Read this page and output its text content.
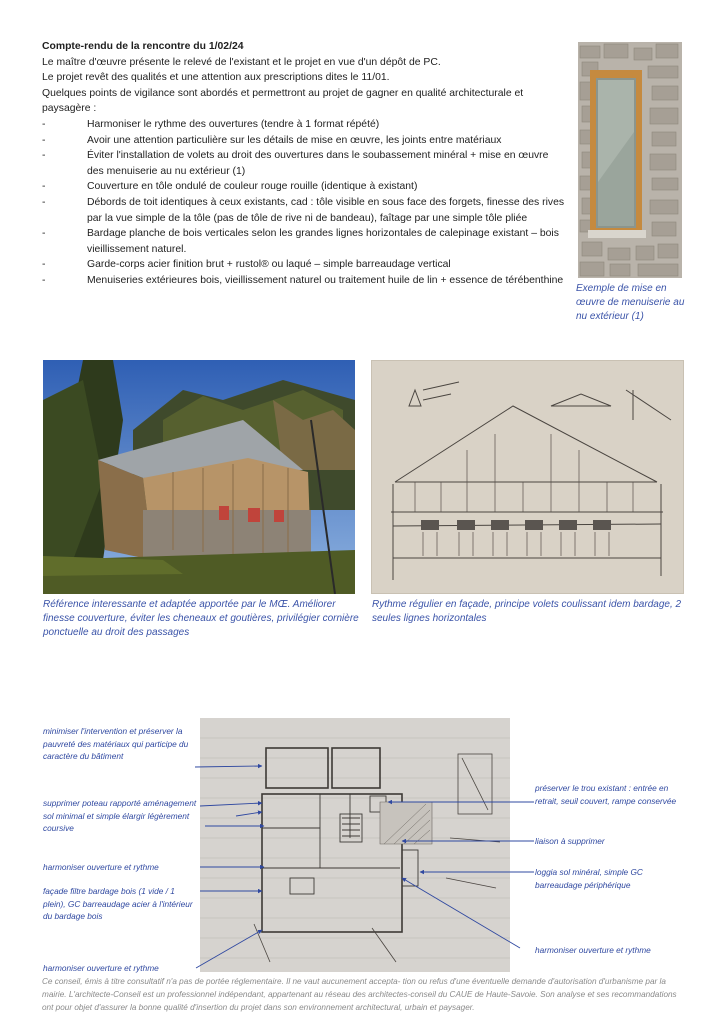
Compte-rendu de la rencontre du 1/02/24
Le maître d'œuvre présente le relevé de l'existant et le projet en vue d'un dépôt de PC.
Le projet revêt des qualités et une attention aux prescriptions dites le 11/01.
Quelques points de vigilance sont abordés et permettront au projet de gagner en qualité architecturale et paysagère :
-	Harmoniser le rythme des ouvertures (tendre à 1 format répété)
-	Avoir une attention particulière sur les détails de mise en œuvre, les joints entre matériaux
-	Éviter l'installation de volets au droit des ouvertures dans le soubassement minéral + mise en œuvre des menuiserie au nu extérieur (1)
-	Couverture en tôle ondulé de couleur rouge rouille (identique à existant)
-	Débords de toit identiques à ceux existants, cad : tôle visible en sous face des forgets, finesse des rives par la vue simple de la tôle (pas de tôle de rive ni de bandeau), faîtage par une simple tôle pliée
-	Bardage planche de bois verticales selon les grandes lignes horizontales de calepinage existant – bois vieillissement naturel.
-	Garde-corps acier finition brut + rustol® ou laqué – simple barreaudage vertical
-	Menuiseries extérieures bois, vieillissement naturel ou traitement huile de lin + essence de térébenthine
Exemple de mise en œuvre de menuiserie au nu extérieur (1)
Référence interessante et adaptée apportée par le MŒ. Améliorer finesse couverture, éviter les cheneaux et goutières, privilégier cornière ponctuelle au droit des passages
Rythme régulier en façade, principe volets coulissant idem bardage, 2 seules lignes horizontales
minimiser l'intervention et préserver la pauvreté des matériaux qui participe du caractère du bâtiment
supprimer poteau rapporté aménagement sol minimal et simple élargir légèrement coursive
harmoniser ouverture et rythme
façade filtre bardage bois (1 vide / 1 plein), GC barreaudage acier à l'intérieur du bardage bois
harmoniser ouverture et rythme
préserver le trou existant : entrée en retrait, seuil couvert, rampe conservée
liaison à supprimer
loggia sol minéral, simple GC barreaudage périphérique
harmoniser ouverture et rythme
Ce conseil, émis à titre consultatif n'a pas de portée réglementaire. Il ne vaut aucunement accepta- tion ou refus d'une éventuelle demande d'autorisation d'urbanisme par la mairie. L'architecte-Conseil est un professionnel indépendant, appartenant au réseau des architectes-conseil du CAUE de Haute-Savoie. Son analyse et ses recommandations ont pour objet d'assurer la bonne qualité d'insertion du projet dans son environnement architectural, urbain et paysager.
